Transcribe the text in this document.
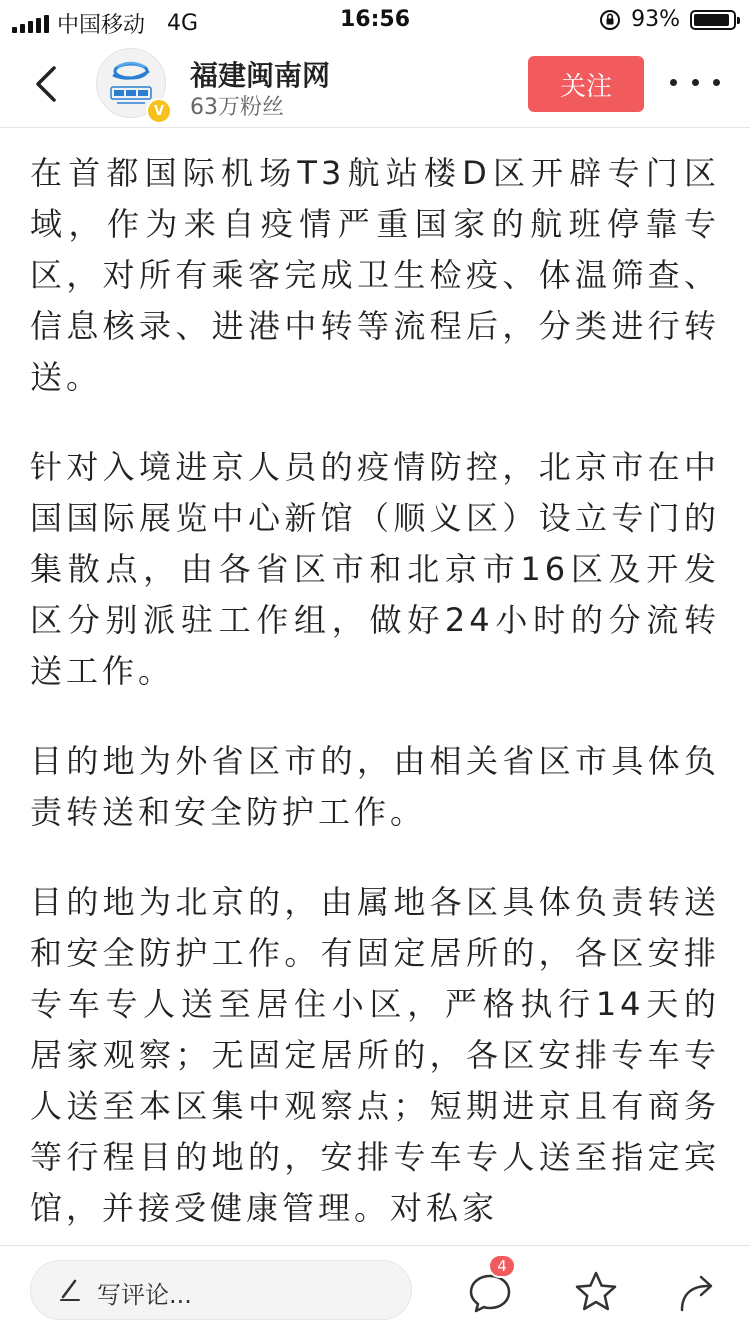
中国移动 4G	16:56	93%
V
福建闽南网
63万粉丝
关注

在首都国际机场T3航站楼D区开辟专门区域，作为来自疫情严重国家的航班停靠专区，对所有乘客完成卫生检疫、体温筛查、信息核录、进港中转等流程后，分类进行转送。

针对入境进京人员的疫情防控，北京市在中国国际展览中心新馆（顺义区）设立专门的集散点，由各省区市和北京市16区及开发区分别派驻工作组，做好24小时的分流转送工作。

目的地为外省区市的，由相关省区市具体负责转送和安全防护工作。

目的地为北京的，由属地各区具体负责转送和安全防护工作。有固定居所的，各区安排专车专人送至居住小区，严格执行14天的居家观察；无固定居所的，各区安排专车专人送至本区集中观察点；短期进京且有商务等行程目的地的，安排专车专人送至指定宾馆，并接受健康管理。对私家

写评论...
4
